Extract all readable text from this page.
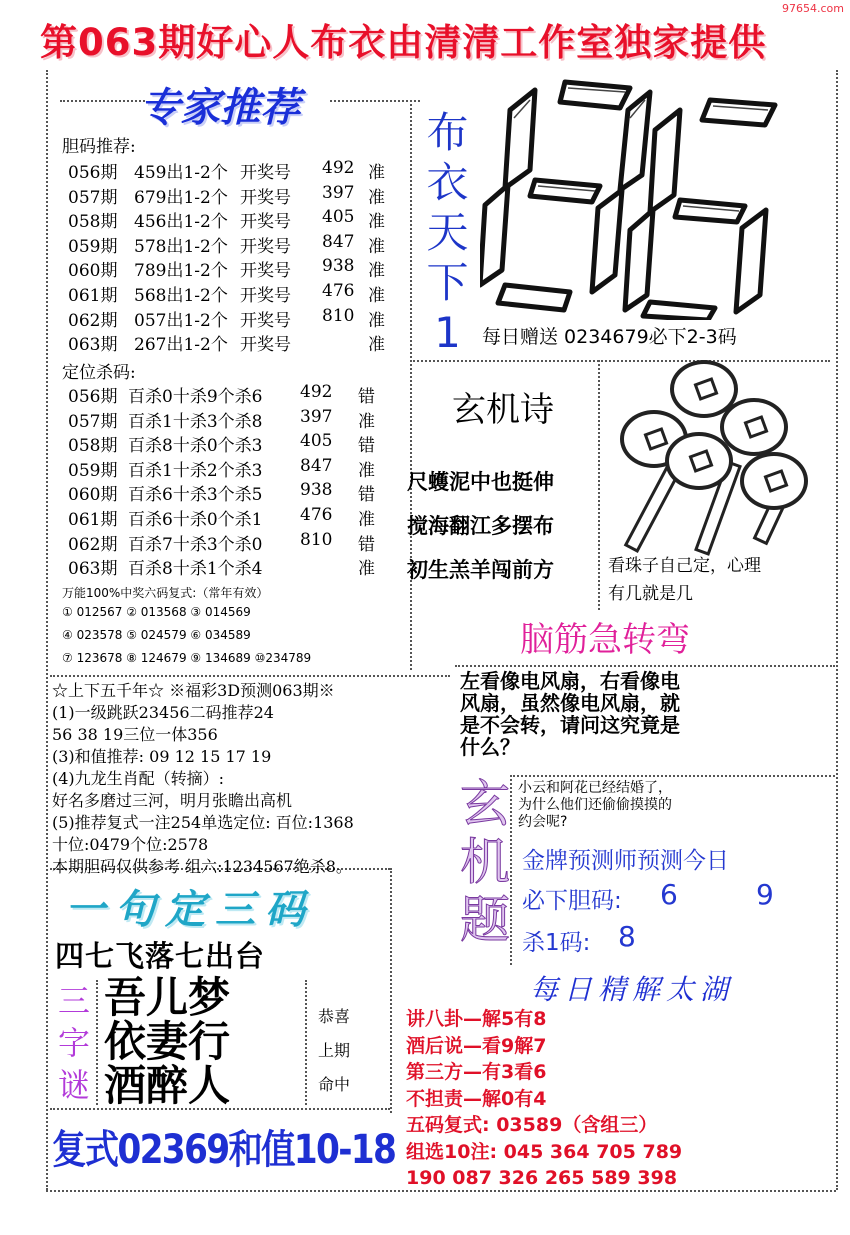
97654.com
第063期好心人布衣由清清工作室独家提供
专家推荐
胆码推荐:
056期 459出1-2个 开奖号 492 准
057期 679出1-2个 开奖号 397 准
058期 456出1-2个 开奖号 405 准
059期 578出1-2个 开奖号 847 准
060期 789出1-2个 开奖号 938 准
061期 568出1-2个 开奖号 476 准
062期 057出1-2个 开奖号 810 准
063期 267出1-2个 开奖号	准
定位杀码:
056期 百杀0十杀9个杀6 492 错
057期 百杀1十杀3个杀8 397 准
058期 百杀8十杀0个杀3 405 错
059期 百杀1十杀2个杀3 847 准
060期 百杀6十杀3个杀5 938 错
061期 百杀6十杀0个杀1 476 准
062期 百杀7十杀3个杀0 810 错
063期 百杀8十杀1个杀4	准
万能100%中奖六码复式:（常年有效）
① 012567 ② 013568 ③ 014569
④ 023578 ⑤ 024579 ⑥ 034589
⑦ 123678 ⑧ 124679 ⑨ 134689 ⑩234789
布
衣
天
下
1	每日赠送 0234679必下2-3码
玄机诗
尺蠖泥中也挺伸
搅海翻江多摆布
初生羔羊闯前方	看珠子自己定，心理
有几就是几
脑筋急转弯
左看像电风扇，右看像电
风扇，虽然像电风扇，就
是不会转，请问这究竟是
什么？
☆上下五千年☆ ※福彩3D预测063期※
(1)一级跳跃23456二码推荐24
56 38 19三位一体356
(3)和值推荐: 09 12 15 17 19
(4)九龙生肖配（转摘）:
好名多磨过三河，明月张瞻出高机
(5)推荐复式一注254单选定位: 百位:1368
十位:0479个位:2578
本期胆码仅供参考 组六:1234567绝杀8。
玄
机
题
小云和阿花已经结婚了，
为什么他们还偷偷摸摸的
约会呢?
金牌预测师预测今日
必下胆码: 6	9
杀1码: 8
一句定三码
四七飞落七出台
三
字
谜
吾儿梦
依妻行
酒醉人
恭喜
上期
命中
复式02369和值10-18
每日精解太湖
讲八卦—解5有8
酒后说—看9解7
第三方—有3看6
不担责—解0有4
五码复式: 03589（含组三）
组选10注: 045 364 705 789
190 087 326 265 589 398
